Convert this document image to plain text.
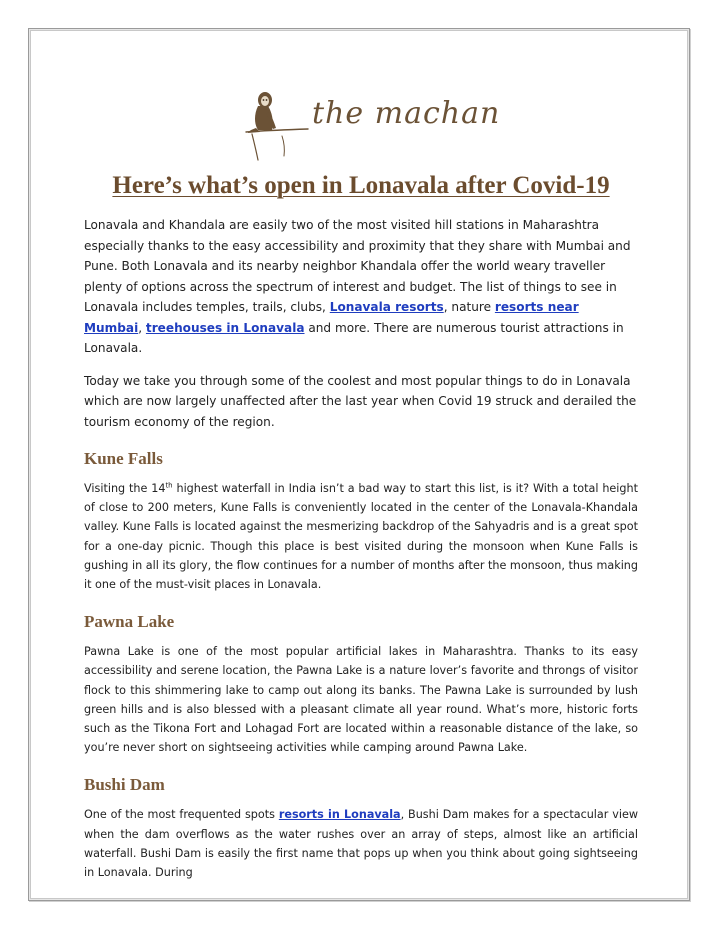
the machan
Here’s what’s open in Lonavala after Covid-19

Lonavala and Khandala are easily two of the most visited hill stations in Maharashtra especially thanks to the easy accessibility and proximity that they share with Mumbai and Pune. Both Lonavala and its nearby neighbor Khandala offer the world weary traveller plenty of options across the spectrum of interest and budget. The list of things to see in Lonavala includes temples, trails, clubs, Lonavala resorts, nature resorts near Mumbai, treehouses in Lonavala and more. There are numerous tourist attractions in Lonavala.

Today we take you through some of the coolest and most popular things to do in Lonavala which are now largely unaffected after the last year when Covid 19 struck and derailed the tourism economy of the region.

Kune Falls

Visiting the 14th highest waterfall in India isn’t a bad way to start this list, is it? With a total height of close to 200 meters, Kune Falls is conveniently located in the center of the Lonavala-Khandala valley. Kune Falls is located against the mesmerizing backdrop of the Sahyadris and is a great spot for a one-day picnic. Though this place is best visited during the monsoon when Kune Falls is gushing in all its glory, the flow continues for a number of months after the monsoon, thus making it one of the must-visit places in Lonavala.

Pawna Lake

Pawna Lake is one of the most popular artificial lakes in Maharashtra. Thanks to its easy accessibility and serene location, the Pawna Lake is a nature lover’s favorite and throngs of visitor flock to this shimmering lake to camp out along its banks. The Pawna Lake is surrounded by lush green hills and is also blessed with a pleasant climate all year round. What’s more, historic forts such as the Tikona Fort and Lohagad Fort are located within a reasonable distance of the lake, so you’re never short on sightseeing activities while camping around Pawna Lake.

Bushi Dam

One of the most frequented spots resorts in Lonavala, Bushi Dam makes for a spectacular view when the dam overflows as the water rushes over an array of steps, almost like an artificial waterfall. Bushi Dam is easily the first name that pops up when you think about going sightseeing in Lonavala. During
